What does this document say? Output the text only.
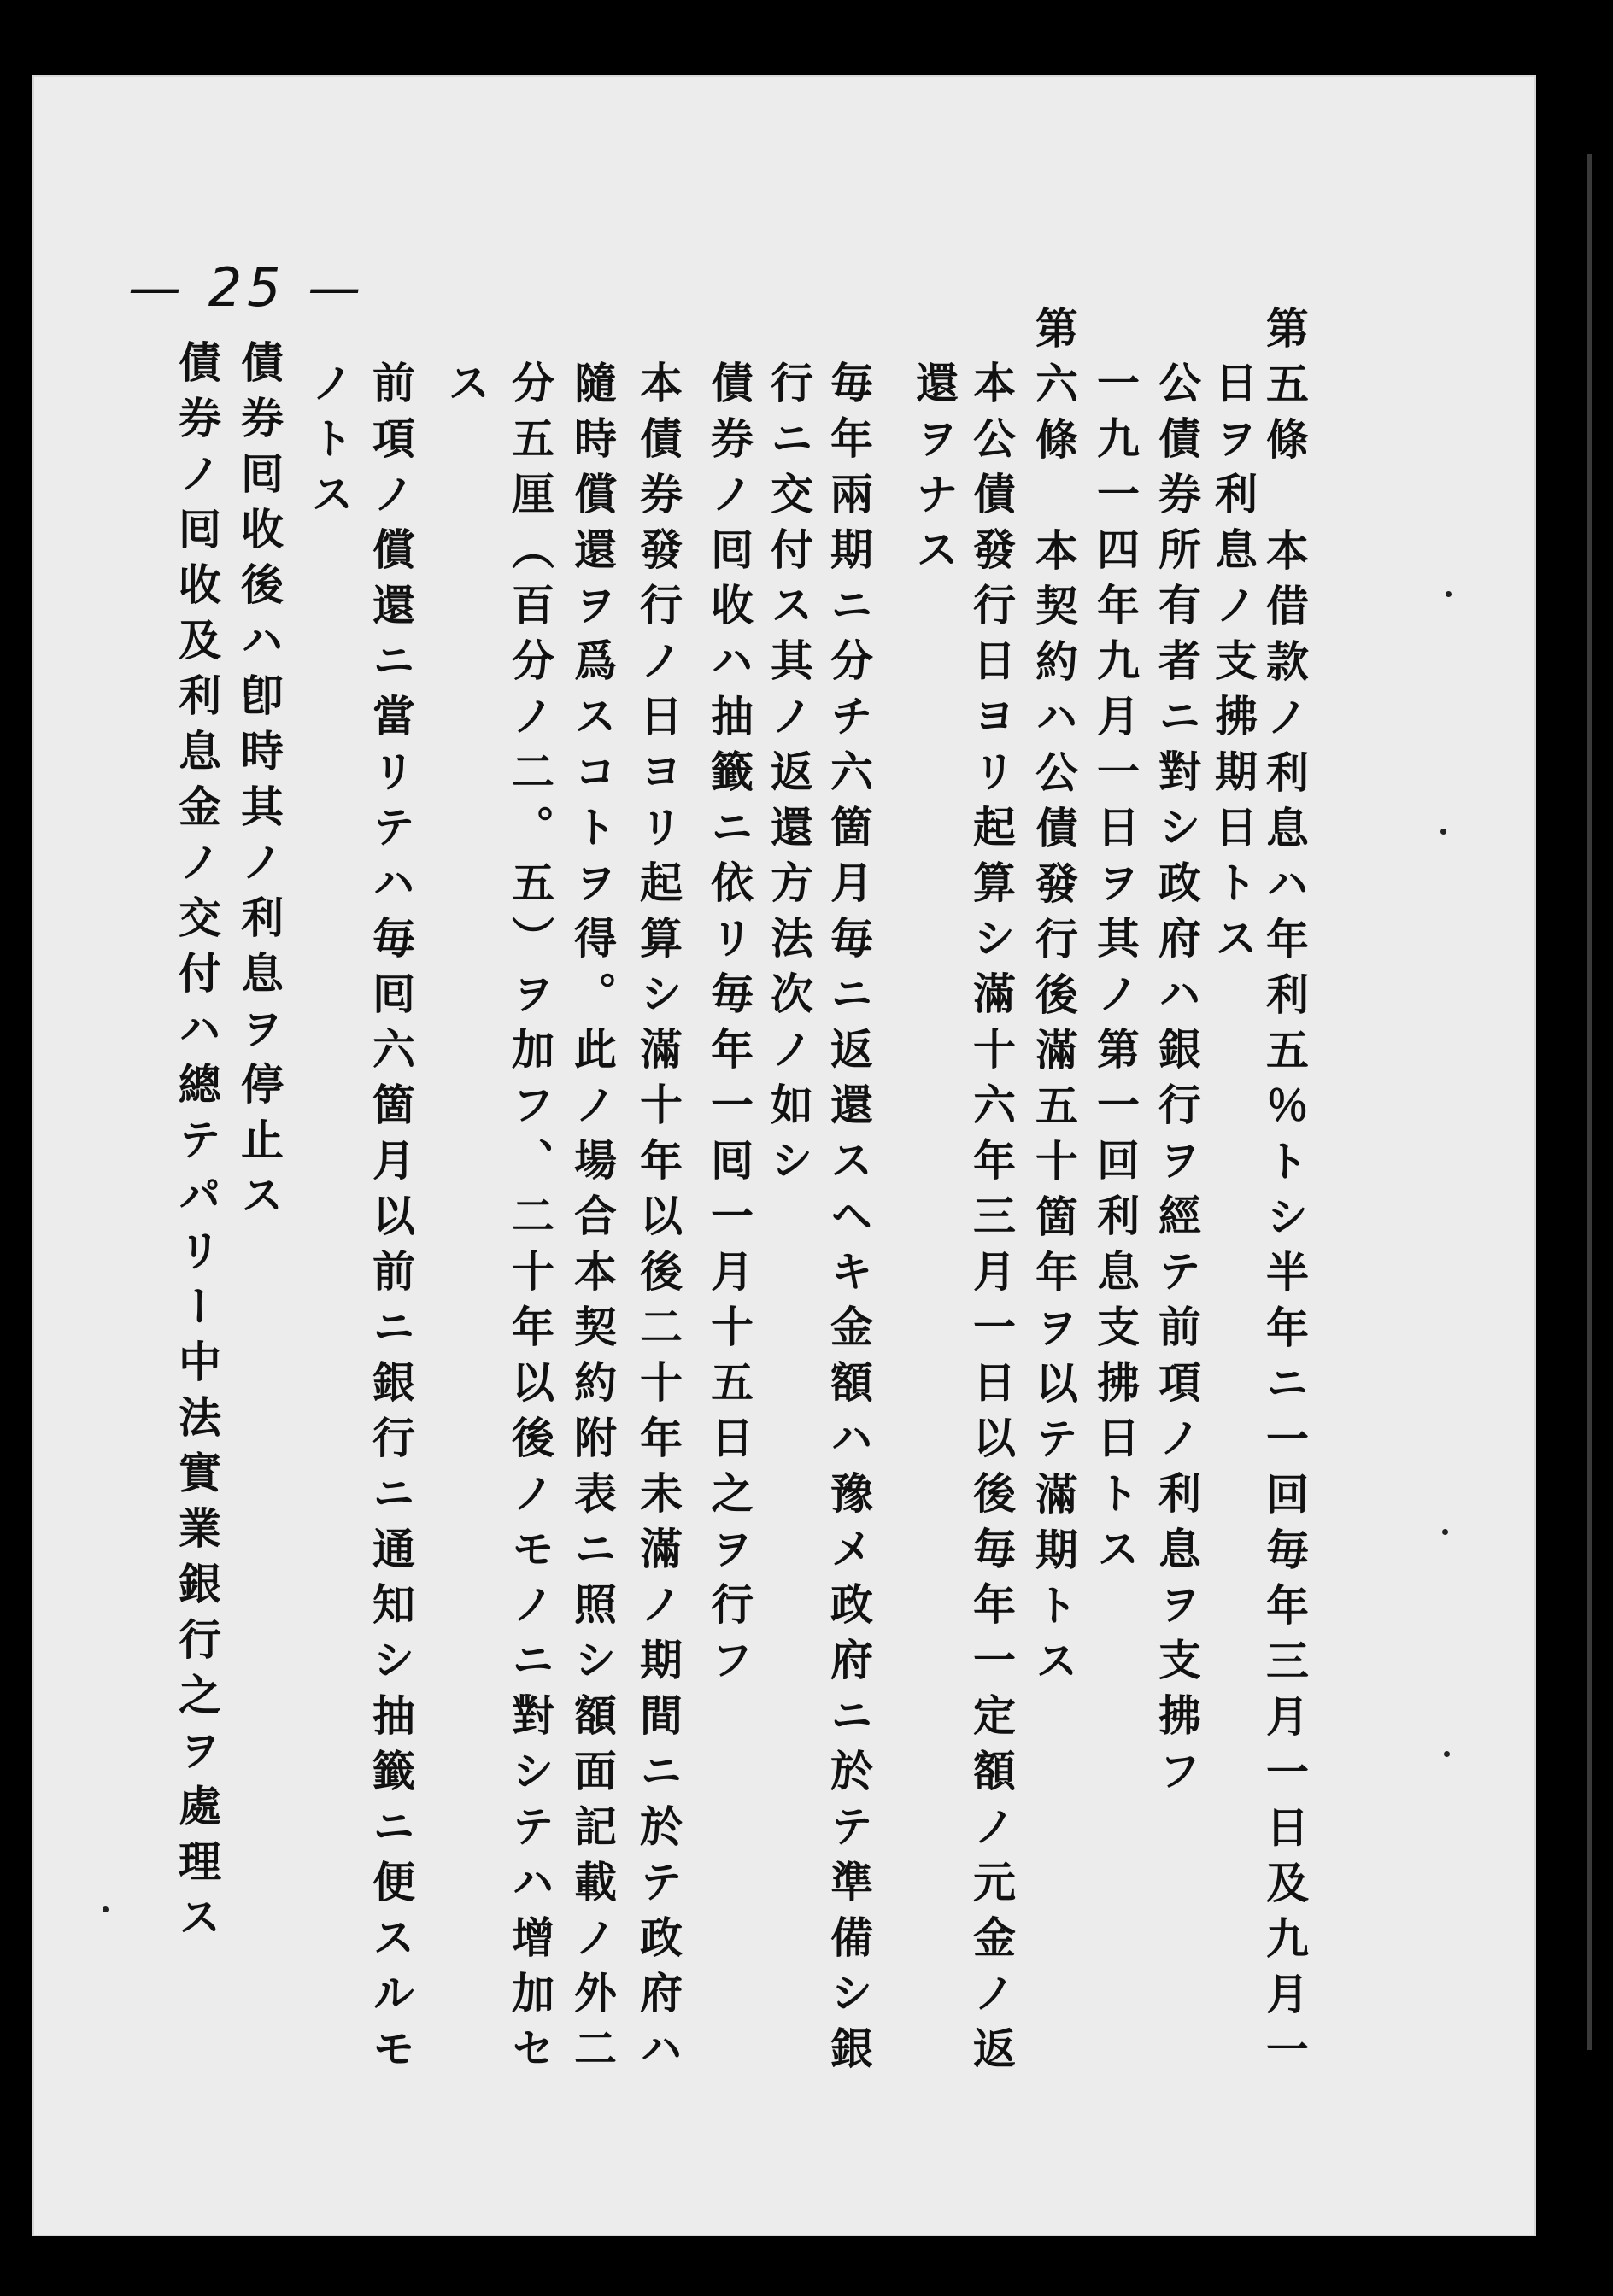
— 25 —
第五條　本借款ノ利息ハ年利五％トシ半年ニ一回毎年三月一日及九月一
日ヲ利息ノ支拂期日トス
公債券所有者ニ對シ政府ハ銀行ヲ經テ前項ノ利息ヲ支拂フ
一九一四年九月一日ヲ其ノ第一回利息支拂日トス
第六條　本契約ハ公債發行後滿五十箇年ヲ以テ滿期トス
本公債發行日ヨリ起算シ滿十六年三月一日以後毎年一定額ノ元金ノ返
還ヲナス
毎年兩期ニ分チ六箇月毎ニ返還スヘキ金額ハ豫メ政府ニ於テ準備シ銀
行ニ交付ス其ノ返還方法次ノ如シ
債券ノ囘收ハ抽籤ニ依リ毎年一囘一月十五日之ヲ行フ
本債券發行ノ日ヨリ起算シ滿十年以後二十年未滿ノ期間ニ於テ政府ハ
隨時償還ヲ爲スコトヲ得。此ノ場合本契約附表ニ照シ額面記載ノ外二
分五厘（百分ノ二。五）ヲ加フ、二十年以後ノモノニ對シテハ增加セ
ス
前項ノ償還ニ當リテハ毎囘六箇月以前ニ銀行ニ通知シ抽籤ニ便スルモ
ノトス
債券囘收後ハ卽時其ノ利息ヲ停止ス
債券ノ囘收及利息金ノ交付ハ總テパリー中法實業銀行之ヲ處理ス
